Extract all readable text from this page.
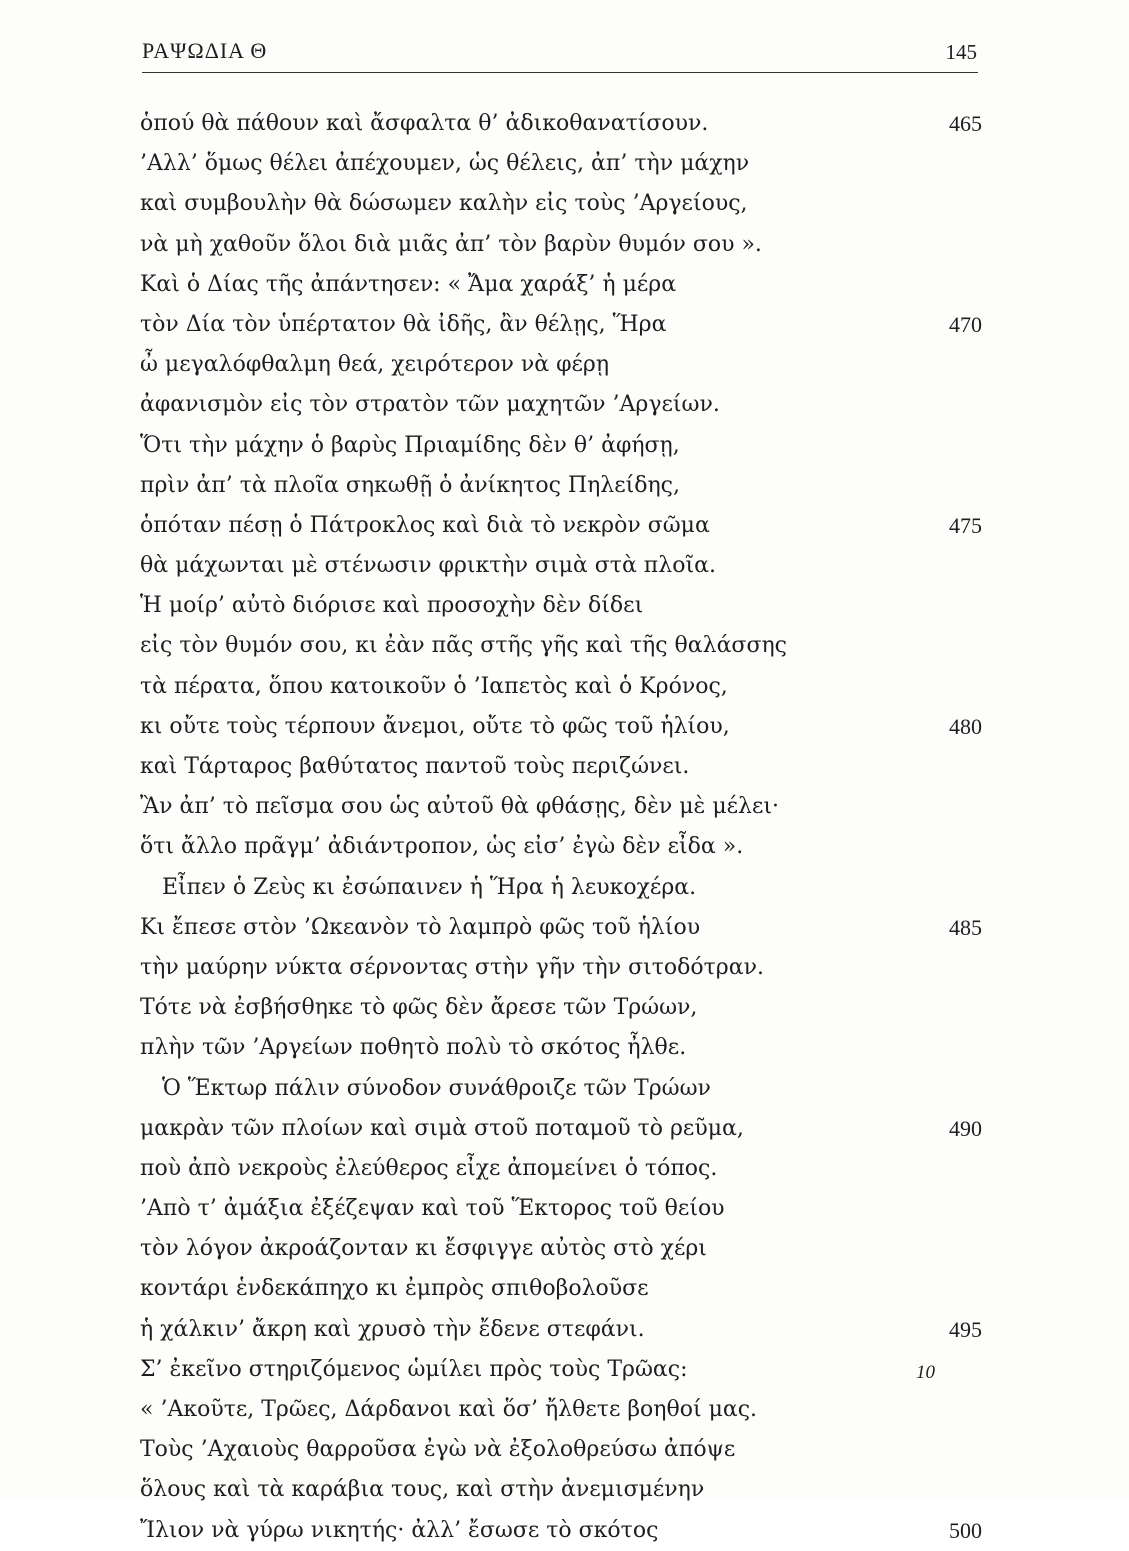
ΡΑΨΩΔΙΑ Θ	145
ὁπού θὰ πάθουν καὶ ἄσφαλτα θ’ ἀδικοθανατίσουν.	465
’Αλλ’ ὅμως θέλει ἀπέχουμεν, ὡς θέλεις, ἀπ’ τὴν μάχην
καὶ συμβουλὴν θὰ δώσωμεν καλὴν εἰς τοὺς ’Αργείους,
νὰ μὴ χαθοῦν ὅλοι διὰ μιᾶς ἀπ’ τὸν βαρὺν θυμόν σου ».
Καὶ ὁ Δίας τῆς ἀπάντησεν: « Ἄμα χαράξ’ ἡ μέρα
τὸν Δία τὸν ὑπέρτατον θὰ ἰδῆς, ἂν θέλῃς, Ἥρα	470
ὦ μεγαλόφθαλμη θεά, χειρότερον νὰ φέρῃ
ἀφανισμὸν εἰς τὸν στρατὸν τῶν μαχητῶν ’Αργείων.
Ὅτι τὴν μάχην ὁ βαρὺς Πριαμίδης δὲν θ’ ἀφήσῃ,
πρὶν ἀπ’ τὰ πλοῖα σηκωθῇ ὁ ἀνίκητος Πηλείδης,
ὁπόταν πέσῃ ὁ Πάτροκλος καὶ διὰ τὸ νεκρὸν σῶμα	475
θὰ μάχωνται μὲ στένωσιν φρικτὴν σιμὰ στὰ πλοῖα.
Ἡ μοίρ’ αὐτὸ διόρισε καὶ προσοχὴν δὲν δίδει
εἰς τὸν θυμόν σου, κι ἐὰν πᾶς στῆς γῆς καὶ τῆς θαλάσσης
τὰ πέρατα, ὅπου κατοικοῦν ὁ ’Ιαπετὸς καὶ ὁ Κρόνος,
κι οὔτε τοὺς τέρπουν ἄνεμοι, οὔτε τὸ φῶς τοῦ ἡλίου,	480
καὶ Τάρταρος βαθύτατος παντοῦ τοὺς περιζώνει.
Ἂν ἀπ’ τὸ πεῖσμα σου ὡς αὐτοῦ θὰ φθάσῃς, δὲν μὲ μέλει·
ὅτι ἄλλο πρᾶγμ’ ἀδιάντροπον, ὡς εἰσ’ ἐγὼ δὲν εἶδα ».
Εἶπεν ὁ Ζεὺς κι ἐσώπαινεν ἡ Ἥρα ἡ λευκοχέρα.
Κι ἔπεσε στὸν ’Ωκεανὸν τὸ λαμπρὸ φῶς τοῦ ἡλίου	485
τὴν μαύρην νύκτα σέρνοντας στὴν γῆν τὴν σιτοδότραν.
Τότε νὰ ἐσβήσθηκε τὸ φῶς δὲν ἄρεσε τῶν Τρώων,
πλὴν τῶν ’Αργείων ποθητὸ πολὺ τὸ σκότος ἦλθε.
Ὁ Ἕκτωρ πάλιν σύνοδον συνάθροιζε τῶν Τρώων
μακρὰν τῶν πλοίων καὶ σιμὰ στοῦ ποταμοῦ τὸ ρεῦμα,	490
ποὺ ἀπὸ νεκροὺς ἐλεύθερος εἶχε ἀπομείνει ὁ τόπος.
’Απὸ τ’ ἀμάξια ἐξέζεψαν καὶ τοῦ Ἕκτορος τοῦ θείου
τὸν λόγον ἀκροάζονταν κι ἔσφιγγε αὐτὸς στὸ χέρι
κοντάρι ἑνδεκάπηχο κι ἐμπρὸς σπιθοβολοῦσε
ἡ χάλκιν’ ἄκρη καὶ χρυσὸ τὴν ἔδενε στεφάνι.	495
Σ’ ἐκεῖνο στηριζόμενος ὡμίλει πρὸς τοὺς Τρῶας:
« ’Ακοῦτε, Τρῶες, Δάρδανοι καὶ ὅσ’ ἤλθετε βοηθοί μας.
Τοὺς ’Αχαιοὺς θαρροῦσα ἐγὼ νὰ ἐξολοθρεύσω ἀπόψε
ὅλους καὶ τὰ καράβια τους, καὶ στὴν ἀνεμισμένην
Ἴλιον νὰ γύρω νικητής· ἀλλ’ ἔσωσε τὸ σκότος	500
10
